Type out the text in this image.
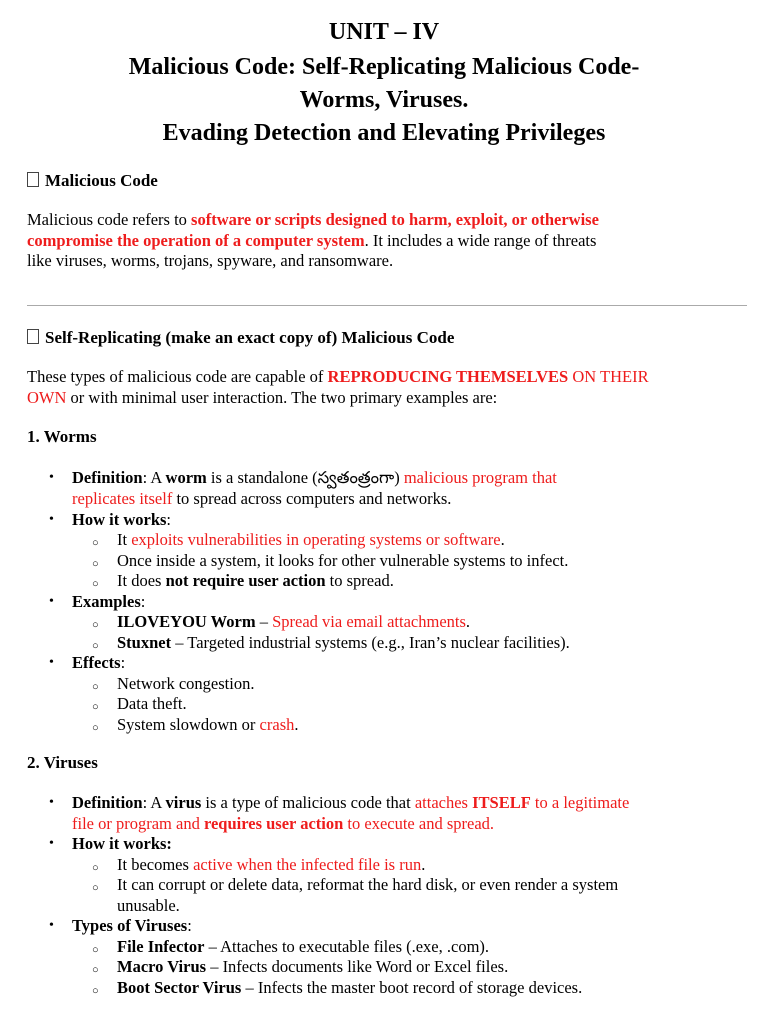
UNIT – IV
Malicious Code: Self-Replicating Malicious Code-
Worms, Viruses.
Evading Detection and Elevating Privileges
Malicious Code
Malicious code refers to software or scripts designed to harm, exploit, or otherwise
compromise the operation of a computer system. It includes a wide range of threats
like viruses, worms, trojans, spyware, and ransomware.
Self-Replicating (make an exact copy of) Malicious Code
These types of malicious code are capable of REPRODUCING THEMSELVES ON THEIR
OWN or with minimal user interaction. The two primary examples are:
1. Worms
• Definition: A worm is a standalone (స్వతంత్రంగా) malicious program that
replicates itself to spread across computers and networks.
• How it works:
○ It exploits vulnerabilities in operating systems or software.
○ Once inside a system, it looks for other vulnerable systems to infect.
○ It does not require user action to spread.
• Examples:
○ ILOVEYOU Worm – Spread via email attachments.
○ Stuxnet – Targeted industrial systems (e.g., Iran’s nuclear facilities).
• Effects:
○ Network congestion.
○ Data theft.
○ System slowdown or crash.
2. Viruses
• Definition: A virus is a type of malicious code that attaches ITSELF to a legitimate
file or program and requires user action to execute and spread.
• How it works:
○ It becomes active when the infected file is run.
○ It can corrupt or delete data, reformat the hard disk, or even render a system
unusable.
• Types of Viruses:
○ File Infector – Attaches to executable files (.exe, .com).
○ Macro Virus – Infects documents like Word or Excel files.
○ Boot Sector Virus – Infects the master boot record of storage devices.
